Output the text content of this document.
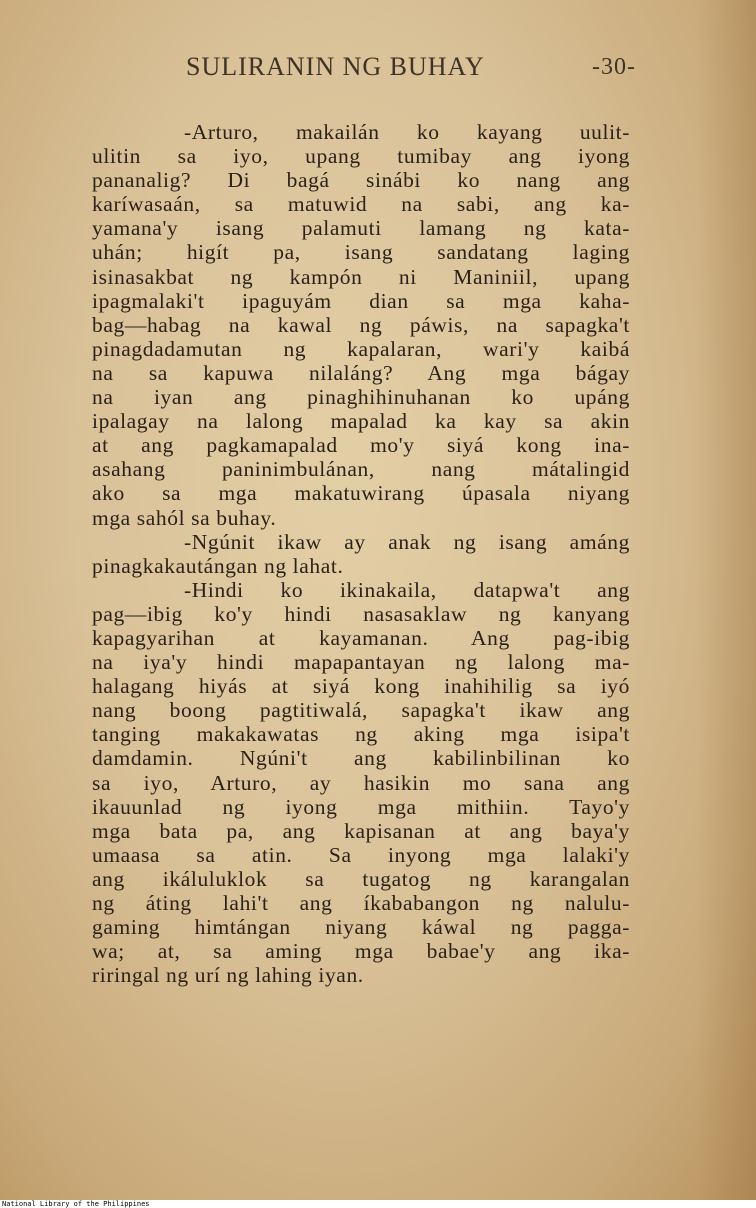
SULIRANIN NG BUHAY	-30-
-Arturo, makailán ko kayang uulit-
ulitin sa iyo, upang tumibay ang iyong
pananalig? Di bagá sinábi ko nang ang
karíwasaán, sa matuwid na sabi, ang ka-
yamana'y isang palamuti lamang ng kata-
uhán; higít pa, isang sandatang laging
isinasakbat ng kampón ni Maniniil, upang
ipagmalaki't ipaguyám dian sa mga kaha-
bag—habag na kawal ng páwis, na sapagka't
pinagdadamutan ng kapalaran, wari'y kaibá
na sa kapuwa nilaláng? Ang mga bágay
na iyan ang pinaghihinuhanan ko upáng
ipalagay na lalong mapalad ka kay sa akin
at ang pagkamapalad mo'y siyá kong ina-
asahang paninimbulánan, nang mátalingid
ako sa mga makatuwirang úpasala niyang
mga sahól sa buhay.
-Ngúnit ikaw ay anak ng isang amáng
pinagkakautángan ng lahat.
-Hindi ko ikinakaila, datapwa't ang
pag—ibig ko'y hindi nasasaklaw ng kanyang
kapagyarihan at kayamanan. Ang pag-ibig
na iya'y hindi mapapantayan ng lalong ma-
halagang hiyás at siyá kong inahihilig sa iyó
nang boong pagtitiwalá, sapagka't ikaw ang
tanging makakawatas ng aking mga isipa't
damdamin. Ngúni't ang kabilinbilinan ko
sa iyo, Arturo, ay hasikin mo sana ang
ikauunlad ng iyong mga mithiin. Tayo'y
mga bata pa, ang kapisanan at ang baya'y
umaasa sa atin. Sa inyong mga lalaki'y
ang ikáluluklok sa tugatog ng karangalan
ng áting lahi't ang íkababangon ng nalulu-
gaming himtángan niyang káwal ng pagga-
wa; at, sa aming mga babae'y ang ika-
riringal ng urí ng lahing iyan.
National Library of the Philippines
